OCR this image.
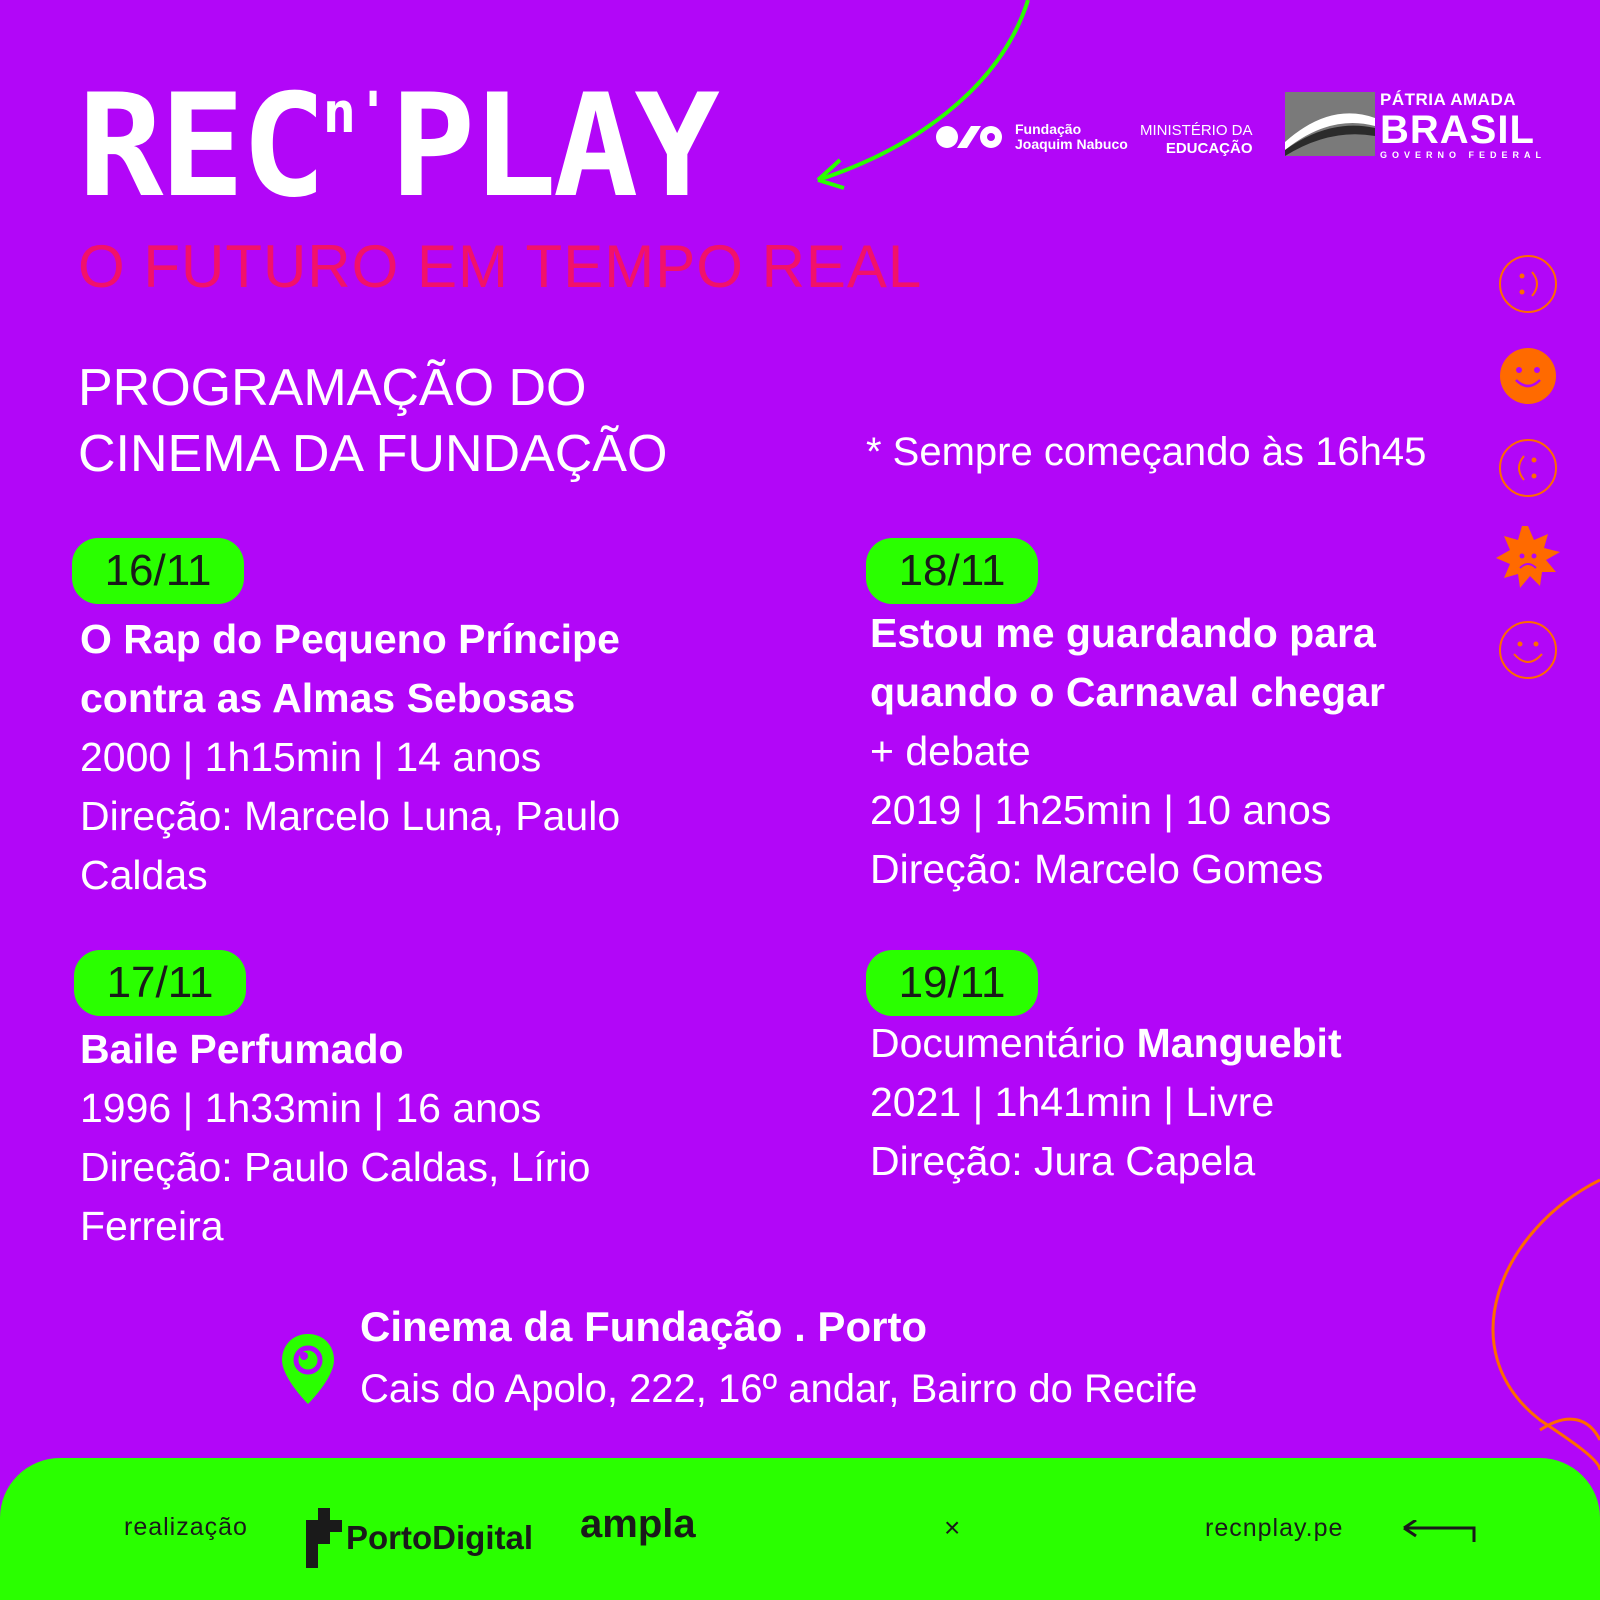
$REC^{n'}PLAY$
O FUTURO EM TEMPO REAL
Fundação
Joaquim Nabuco
MINISTÉRIO DA
EDUCAÇÃO
PÁTRIA AMADA
BRASIL
GOVERNO FEDERAL
PROGRAMAÇÃO DO
CINEMA DA FUNDAÇÃO	* Sempre começando às 16h45
16/11
O Rap do Pequeno Príncipe
contra as Almas Sebosas
2000 | 1h15min | 14 anos
Direção: Marcelo Luna, Paulo
Caldas
18/11
Estou me guardando para
quando o Carnaval chegar
+ debate
2019 | 1h25min | 10 anos
Direção: Marcelo Gomes
17/11
Baile Perfumado
1996 | 1h33min | 16 anos
Direção: Paulo Caldas, Lírio
Ferreira
19/11
Documentário Manguebit
2021 | 1h41min | Livre
Direção: Jura Capela
Cinema da Fundação . Porto
Cais do Apolo, 222, 16º andar, Bairro do Recife
realização	PortoDigital ampla	×	recnplay.pe
